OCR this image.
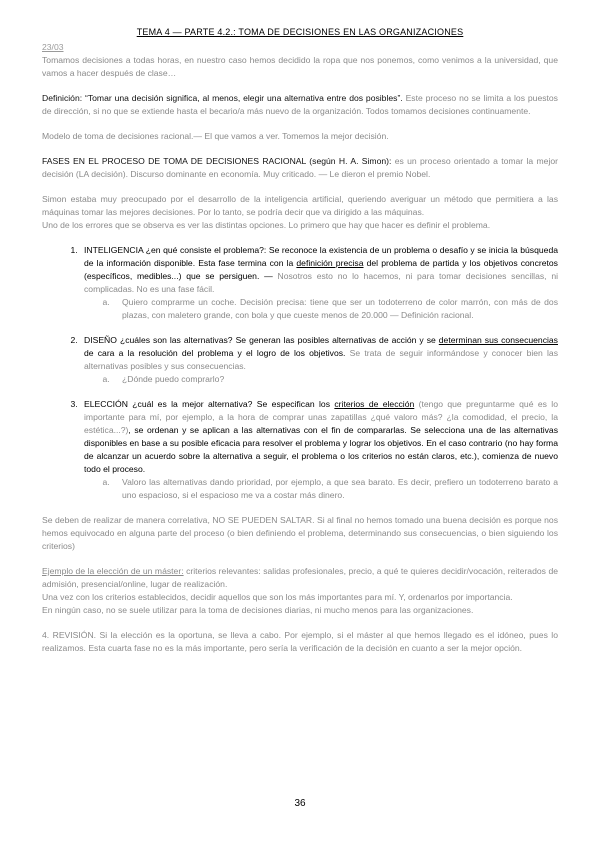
TEMA 4 — PARTE 4.2.: TOMA DE DECISIONES EN LAS ORGANIZACIONES
23/03

Tomamos decisiones a todas horas, en nuestro caso hemos decidido la ropa que nos ponemos, como venimos a la universidad, que vamos a hacer después de clase…

Definición: “Tomar una decisión significa, al menos, elegir una alternativa entre dos posibles”. Este proceso no se limita a los puestos de dirección, si no que se extiende hasta el becario/a más nuevo de la organización. Todos tomamos decisiones continuamente.

Modelo de toma de decisiones racional.— El que vamos a ver. Tomemos la mejor decisión.

FASES EN EL PROCESO DE TOMA DE DECISIONES RACIONAL (según H. A. Simon): es un proceso orientado a tomar la mejor decisión (LA decisión). Discurso dominante en economía. Muy criticado. — Le dieron el premio Nobel.

Simon estaba muy preocupado por el desarrollo de la inteligencia artificial, queriendo averiguar un método que permitiera a las máquinas tomar las mejores decisiones. Por lo tanto, se podría decir que va dirigido a las máquinas.

Uno de los errores que se observa es ver las distintas opciones. Lo primero que hay que hacer es definir el problema.

1. INTELIGENCIA ¿en qué consiste el problema?: Se reconoce la existencia de un problema o desafío y se inicia la búsqueda de la información disponible. Esta fase termina con la definición precisa del problema de partida y los objetivos concretos (específicos, medibles...) que se persiguen. — Nosotros esto no lo hacemos, ni para tomar decisiones sencillas, ni complicadas. No es una fase fácil.
a. Quiero comprarme un coche. Decisión precisa: tiene que ser un todoterreno de color marrón, con más de dos plazas, con maletero grande, con bola y que cueste menos de 20.000 — Definición racional.
2. DISEÑO ¿cuáles son las alternativas? Se generan las posibles alternativas de acción y se determinan sus consecuencias de cara a la resolución del problema y el logro de los objetivos. Se trata de seguir informándose y conocer bien las alternativas posibles y sus consecuencias.
a. ¿Dónde puedo comprarlo?
3. ELECCIÓN ¿cuál es la mejor alternativa? Se especifican los criterios de elección (tengo que preguntarme qué es lo importante para mí, por ejemplo, a la hora de comprar unas zapatillas ¿qué valoro más? ¿la comodidad, el precio, la estética...?), se ordenan y se aplican a las alternativas con el fin de compararlas. Se selecciona una de las alternativas disponibles en base a su posible eficacia para resolver el problema y lograr los objetivos. En el caso contrario (no hay forma de alcanzar un acuerdo sobre la alternativa a seguir, el problema o los criterios no están claros, etc.), comienza de nuevo todo el proceso.
a. Valoro las alternativas dando prioridad, por ejemplo, a que sea barato. Es decir, prefiero un todoterreno barato a uno espacioso, si el espacioso me va a costar más dinero.

Se deben de realizar de manera correlativa, NO SE PUEDEN SALTAR. Si al final no hemos tomado una buena decisión es porque nos hemos equivocado en alguna parte del proceso (o bien definiendo el problema, determinando sus consecuencias, o bien siguiendo los criterios)

Ejemplo de la elección de un máster: criterios relevantes: salidas profesionales, precio, a qué te quieres decidir/vocación, reiterados de admisión, presencial/online, lugar de realización.

Una vez con los criterios establecidos, decidir aquellos que son los más importantes para mí. Y, ordenarlos por importancia.

En ningún caso, no se suele utilizar para la toma de decisiones diarias, ni mucho menos para las organizaciones.

4. REVISIÓN. Si la elección es la oportuna, se lleva a cabo. Por ejemplo, si el máster al que hemos llegado es el idóneo, pues lo realizamos. Esta cuarta fase no es la más importante, pero sería la verificación de la decisión en cuanto a ser la mejor opción.

36
